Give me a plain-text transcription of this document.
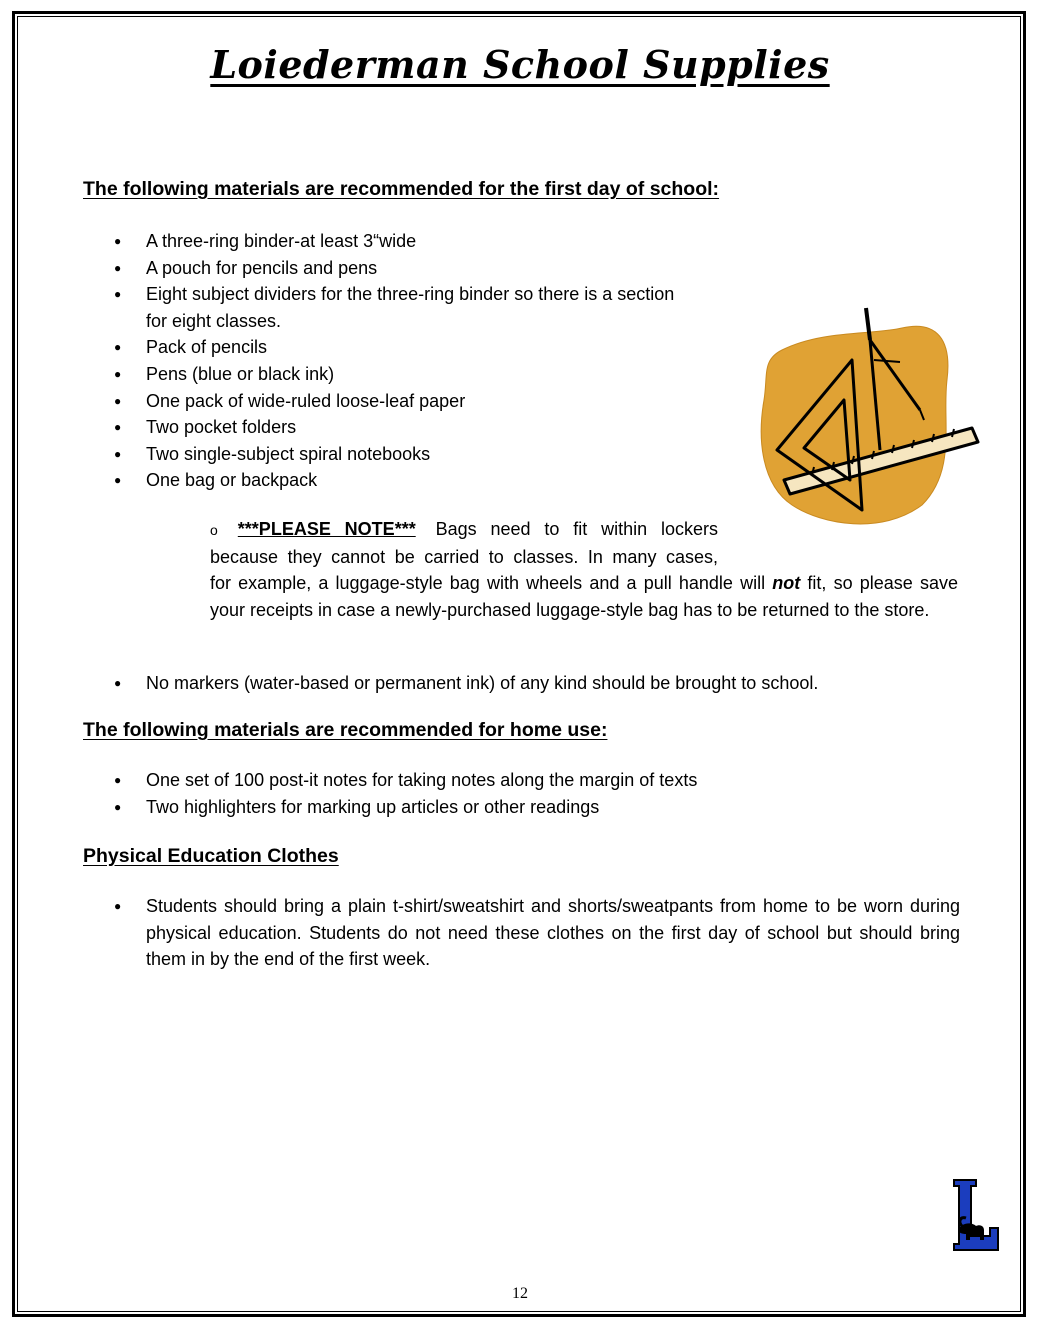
Loiederman School Supplies
The following materials are recommended for the first day of school:
● A three-ring binder-at least 3“wide
● A pouch for pencils and pens
● Eight subject dividers for the three-ring binder so there is a section
for eight classes.
● Pack of pencils
● Pens (blue or black ink)
● One pack of wide-ruled loose-leaf paper
● Two pocket folders
● Two single-subject spiral notebooks
● One bag or backpack
o ***PLEASE NOTE*** Bags need to fit within lockers
because they cannot be carried to classes. In many cases,
for example, a luggage-style bag with wheels and a pull handle will not fit, so please save your receipts in case a newly-purchased luggage-style bag has to be returned to the store.
● No markers (water-based or permanent ink) of any kind should be brought to school.
The following materials are recommended for home use:
● One set of 100 post-it notes for taking notes along the margin of texts
● Two highlighters for marking up articles or other readings
Physical Education Clothes
● Students should bring a plain t-shirt/sweatshirt and shorts/sweatpants from home to be worn during physical education. Students do not need these clothes on the first day of school but should bring them in by the end of the first week.

12
